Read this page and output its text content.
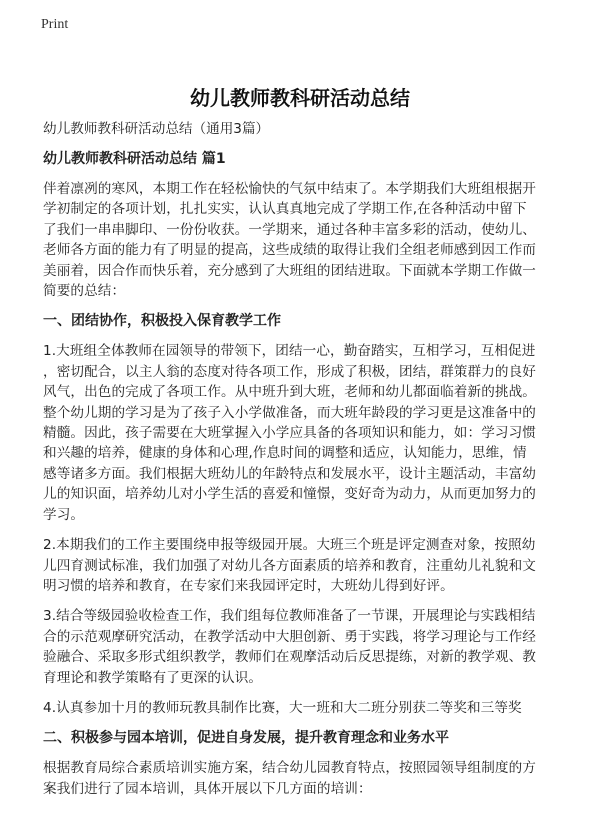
Print
幼儿教师教科研活动总结
幼儿教师教科研活动总结（通用3篇）
幼儿教师教科研活动总结 篇1
伴着凛冽的寒风，本期工作在轻松愉快的气氛中结束了。本学期我们大班组根据开
学初制定的各项计划，扎扎实实，认认真真地完成了学期工作,在各种活动中留下
了我们一串串脚印、一份份收获。一学期来，通过各种丰富多彩的活动，使幼儿、
老师各方面的能力有了明显的提高，这些成绩的取得让我们全组老师感到因工作而
美丽着，因合作而快乐着，充分感到了大班组的团结进取。下面就本学期工作做一
简要的总结：
一、团结协作，积极投入保育教学工作
1.大班组全体教师在园领导的带领下，团结一心，勤奋踏实，互相学习，互相促进
，密切配合，以主人翁的态度对待各项工作，形成了积极，团结，群策群力的良好
风气，出色的完成了各项工作。从中班升到大班，老师和幼儿都面临着新的挑战。
整个幼儿期的学习是为了孩子入小学做准备，而大班年龄段的学习更是这准备中的
精髓。因此，孩子需要在大班掌握入小学应具备的各项知识和能力，如：学习习惯
和兴趣的培养，健康的身体和心理,作息时间的调整和适应，认知能力，思维，情
感等诸多方面。我们根据大班幼儿的年龄特点和发展水平，设计主题活动，丰富幼
儿的知识面，培养幼儿对小学生活的喜爱和憧憬，变好奇为动力，从而更加努力的
学习。
2.本期我们的工作主要围绕申报等级园开展。大班三个班是评定测查对象，按照幼
儿四育测试标准，我们加强了对幼儿各方面素质的培养和教育，注重幼儿礼貌和文
明习惯的培养和教育，在专家们来我园评定时，大班幼儿得到好评。
3.结合等级园验收检查工作，我们组每位教师准备了一节课，开展理论与实践相结
合的示范观摩研究活动，在教学活动中大胆创新、勇于实践，将学习理论与工作经
验融合、采取多形式组织教学，教师们在观摩活动后反思提练，对新的教学观、教
育理论和教学策略有了更深的认识。
4.认真参加十月的教师玩教具制作比赛，大一班和大二班分别获二等奖和三等奖
二、积极参与园本培训，促进自身发展，提升教育理念和业务水平
根据教育局综合素质培训实施方案，结合幼儿园教育特点，按照园领导组制度的方
案我们进行了园本培训，具体开展以下几方面的培训：
